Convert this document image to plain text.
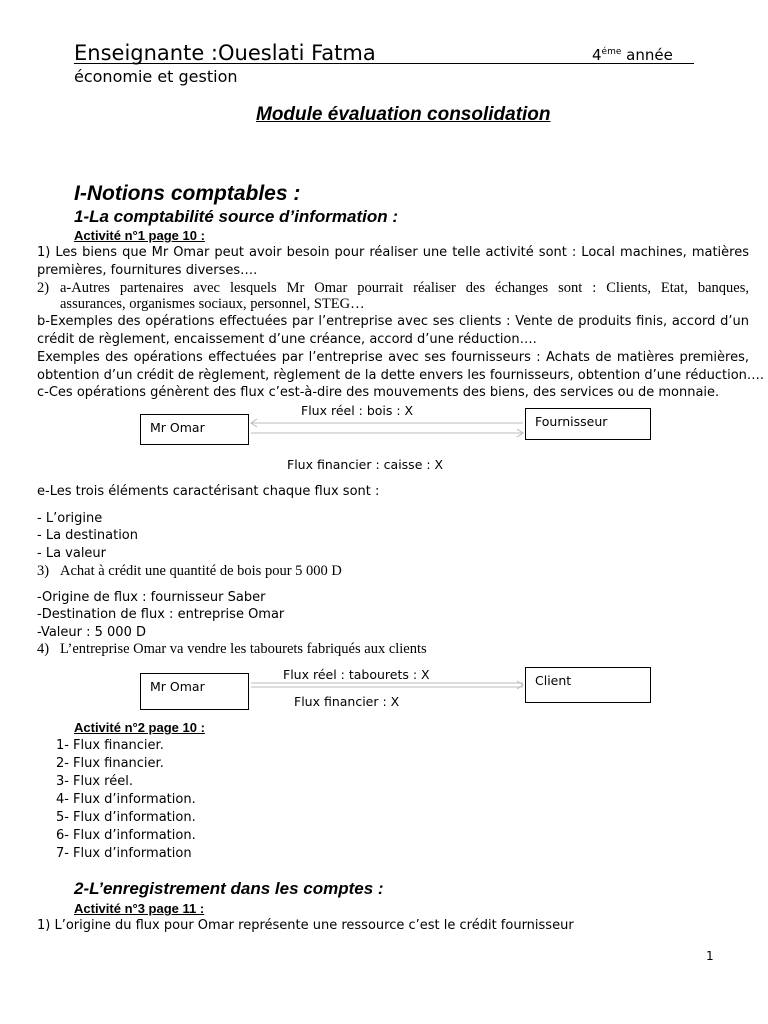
Enseignante :Oueslati Fatma	$4^{éme}$ année
économie et gestion
Module évaluation consolidation
I-Notions comptables :
1-La comptabilité source d’information :
Activité n°1 page 10 :
1) Les biens que Mr Omar peut avoir besoin pour réaliser une telle activité sont : Local machines, matières
premières, fournitures diverses….
2) a-Autres partenaires avec lesquels Mr Omar pourrait réaliser des échanges sont : Clients, Etat, banques,
assurances, organismes sociaux, personnel, STEG…
b-Exemples des opérations effectuées par l’entreprise avec ses clients : Vente de produits finis, accord d’un
crédit de règlement, encaissement d’une créance, accord d’une réduction….
Exemples des opérations effectuées par l’entreprise avec ses fournisseurs : Achats de matières premières,
obtention d’un crédit de règlement, règlement de la dette envers les fournisseurs, obtention d’une réduction….
c-Ces opérations génèrent des flux c’est-à-dire des mouvements des biens, des services ou de monnaie.
Flux réel : bois : X
Mr Omar	Fournisseur
Flux financier : caisse : X
e-Les trois éléments caractérisant chaque flux sont :
- L’origine
- La destination
- La valeur
3) Achat à crédit une quantité de bois pour 5 000 D
-Origine de flux : fournisseur Saber
-Destination de flux : entreprise Omar
-Valeur : 5 000 D
4) L’entreprise Omar va vendre les tabourets fabriqués aux clients
Flux réel : tabourets : X
Mr Omar	Client
Flux financier : X
Activité n°2 page 10 :
1- Flux financier.
2- Flux financier.
3- Flux réel.
4- Flux d’information.
5- Flux d’information.
6- Flux d’information.
7- Flux d’information
2-L’enregistrement dans les comptes :
Activité n°3 page 11 :
1) L’origine du flux pour Omar représente une ressource c’est le crédit fournisseur
1
